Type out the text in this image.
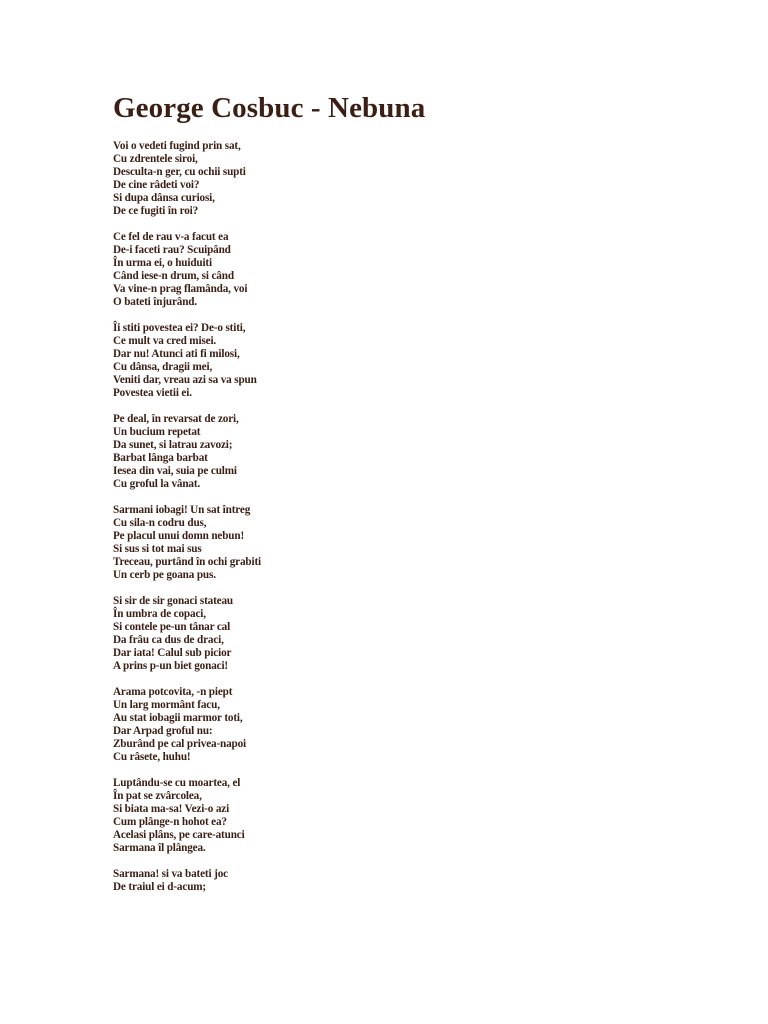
George Cosbuc - Nebuna
Voi o vedeti fugind prin sat,
Cu zdrentele siroi,
Desculta-n ger, cu ochii supti
De cine râdeti voi?
Si dupa dânsa curiosi,
De ce fugiti în roi?
Ce fel de rau v-a facut ea
De-i faceti rau? Scuipând
În urma ei, o huiduiti
Când iese-n drum, si când
Va vine-n prag flamânda, voi
O bateti înjurând.
Îi stiti povestea ei? De-o stiti,
Ce mult va cred misei.
Dar nu! Atunci ati fi milosi,
Cu dânsa, dragii mei,
Veniti dar, vreau azi sa va spun
Povestea vietii ei.
Pe deal, în revarsat de zori,
Un bucium repetat
Da sunet, si latrau zavozi;
Barbat lânga barbat
Iesea din vai, suia pe culmi
Cu groful la vânat.
Sarmani iobagi! Un sat întreg
Cu sila-n codru dus,
Pe placul unui domn nebun!
Si sus si tot mai sus
Treceau, purtând în ochi grabiti
Un cerb pe goana pus.
Si sir de sir gonaci stateau
În umbra de copaci,
Si contele pe-un tânar cal
Da frâu ca dus de draci,
Dar iata! Calul sub picior
A prins p-un biet gonaci!
Arama potcovita, -n piept
Un larg mormânt facu,
Au stat iobagii marmor toti,
Dar Arpad groful nu:
Zburând pe cal privea-napoi
Cu râsete, huhu!
Luptându-se cu moartea, el
În pat se zvârcolea,
Si biata ma-sa! Vezi-o azi
Cum plânge-n hohot ea?
Acelasi plâns, pe care-atunci
Sarmana îl plângea.
Sarmana! si va bateti joc
De traiul ei d-acum;
